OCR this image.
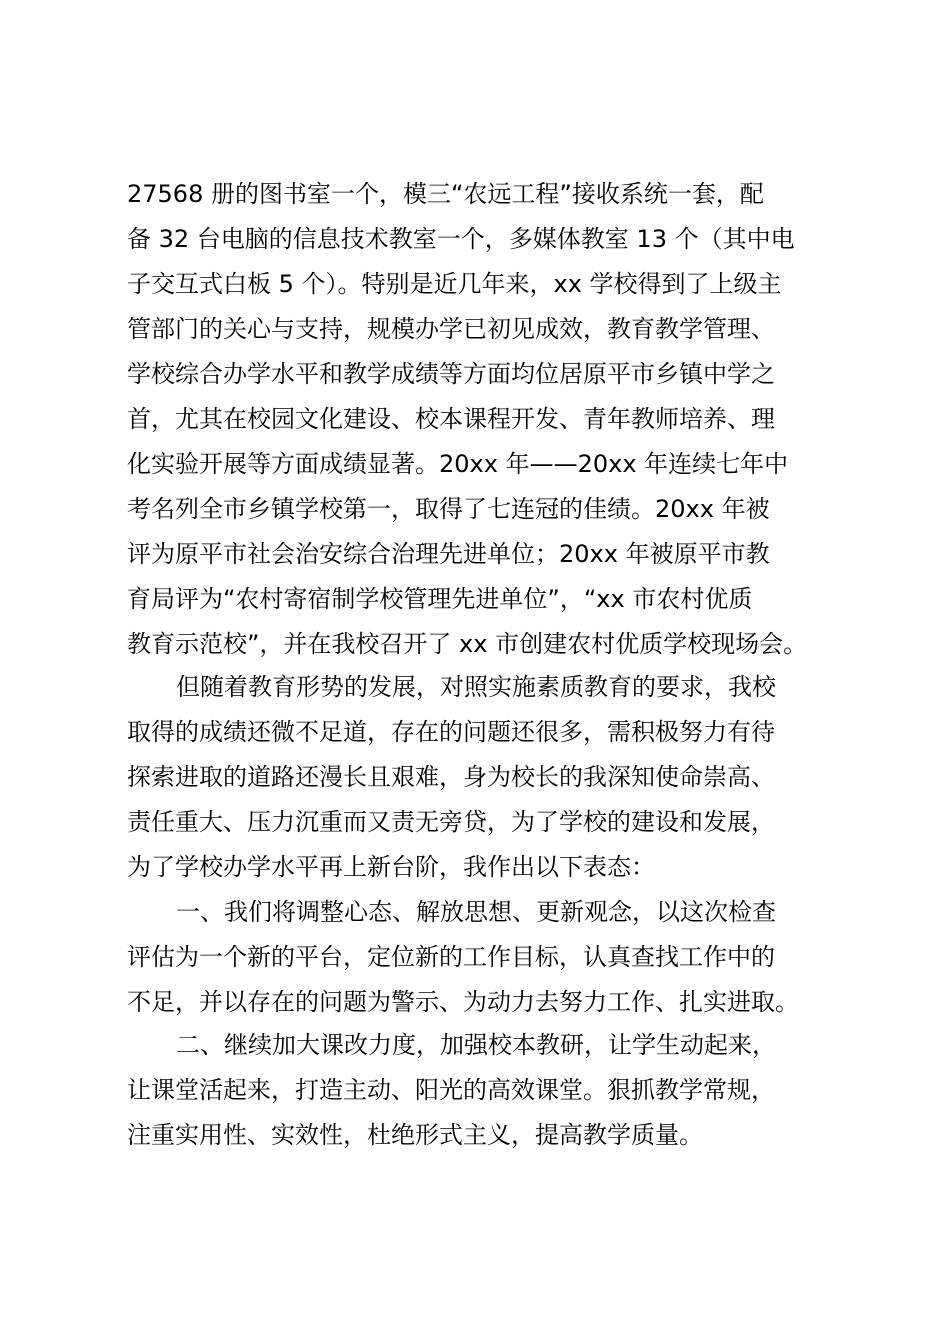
27568 册的图书室一个，模三“农远工程”接收系统一套，配
备 32 台电脑的信息技术教室一个，多媒体教室 13 个（其中电
子交互式白板 5 个）。特别是近几年来，xx 学校得到了上级主
管部门的关心与支持，规模办学已初见成效，教育教学管理、
学校综合办学水平和教学成绩等方面均位居原平市乡镇中学之
首，尤其在校园文化建设、校本课程开发、青年教师培养、理
化实验开展等方面成绩显著。20xx 年——20xx 年连续七年中
考名列全市乡镇学校第一，取得了七连冠的佳绩。20xx 年被
评为原平市社会治安综合治理先进单位；20xx 年被原平市教
育局评为“农村寄宿制学校管理先进单位”，“xx 市农村优质
教育示范校”，并在我校召开了 xx 市创建农村优质学校现场会。
但随着教育形势的发展，对照实施素质教育的要求，我校
取得的成绩还微不足道，存在的问题还很多，需积极努力有待
探索进取的道路还漫长且艰难，身为校长的我深知使命崇高、
责任重大、压力沉重而又责无旁贷，为了学校的建设和发展，
为了学校办学水平再上新台阶，我作出以下表态：
一、我们将调整心态、解放思想、更新观念，以这次检查
评估为一个新的平台，定位新的工作目标，认真查找工作中的
不足，并以存在的问题为警示、为动力去努力工作、扎实进取。
二、继续加大课改力度，加强校本教研，让学生动起来，
让课堂活起来，打造主动、阳光的高效课堂。狠抓教学常规，
注重实用性、实效性，杜绝形式主义，提高教学质量。
